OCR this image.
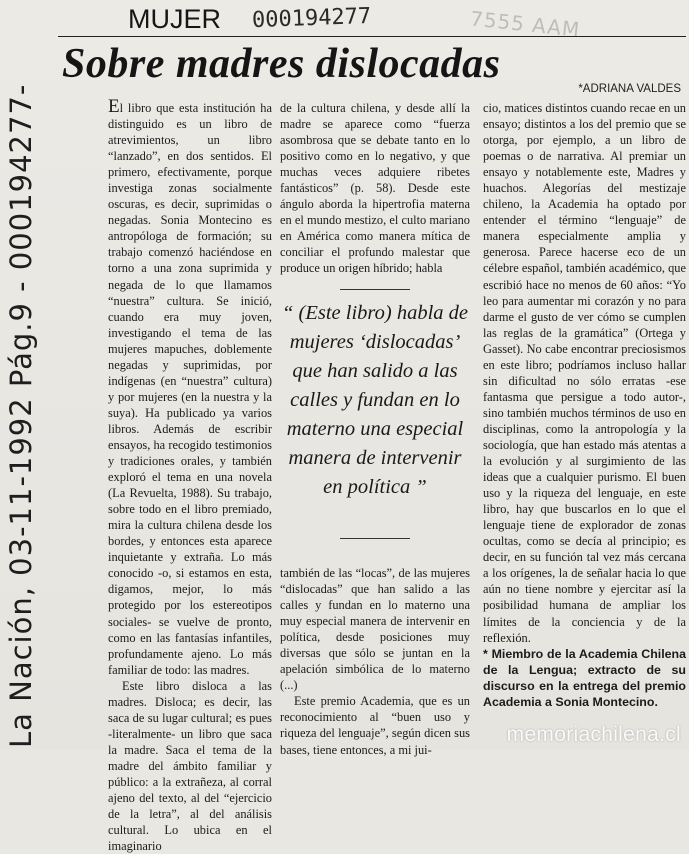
MUJER 000194277	7555 AAM
Sobre madres dislocadas
*ADRIANA VALDES
La Nación, 03-11-1992 Pág.9 - 000194277-	El libro que esta institución ha distinguido es un libro de atrevimientos, un libro “lanzado”, en dos sentidos. El primero, efectivamente, porque investiga zonas socialmente oscuras, es decir, suprimidas o negadas. Sonia Montecino es antropóloga de formación; su trabajo comenzó haciéndose en torno a una zona suprimida y negada de lo que llamamos “nuestra” cultura. Se inició, cuando era muy joven, investigando el tema de las mujeres mapuches, doblemente negadas y suprimidas, por indígenas (en “nuestra” cultura) y por mujeres (en la nuestra y la suya). Ha publicado ya varios libros. Además de escribir ensayos, ha recogido testimonios y tradiciones orales, y también exploró el tema en una novela (La Revuelta, 1988). Su trabajo, sobre todo en el libro premiado, mira la cultura chilena desde los bordes, y entonces esta aparece inquietante y extraña. Lo más conocido -o, si estamos en esta, digamos, mejor, lo más protegido por los estereotipos sociales- se vuelve de pronto, como en las fantasías infantiles, profundamente ajeno. Lo más familiar de todo: las madres.

Este libro disloca a las madres. Disloca; es decir, las saca de su lugar cultural; es pues -literalmente- un libro que saca la madre. Saca el tema de la madre del ámbito familiar y público: a la extrañeza, al corral ajeno del texto, al del “ejercicio de la letra”, al del análisis cultural. Lo ubica en el imaginario

de la cultura chilena, y desde allí la madre se aparece como “fuerza asombrosa que se debate tanto en lo positivo como en lo negativo, y que muchas veces adquiere ribetes fantásticos” (p. 58). Desde este ángulo aborda la hipertrofia materna en el mundo mestizo, el culto mariano en América como manera mítica de conciliar el profundo malestar que produce un origen híbrido; habla

“ (Este libro) habla de mujeres ‘dislocadas’ que han salido a las calles y fundan en lo materno una especial manera de intervenir en política ”

también de las “locas”, de las mujeres “dislocadas” que han salido a las calles y fundan en lo materno una muy especial manera de intervenir en política, desde posiciones muy diversas que sólo se juntan en la apelación simbólica de lo materno (...)

Este premio Academia, que es un reconocimiento al “buen uso y riqueza del lenguaje”, según dicen sus bases, tiene entonces, a mi jui-

cio, matices distintos cuando recae en un ensayo; distintos a los del premio que se otorga, por ejemplo, a un libro de poemas o de narrativa. Al premiar un ensayo y notablemente este, Madres y huachos. Alegorías del mestizaje chileno, la Academia ha optado por entender el término “lenguaje” de manera especialmente amplia y generosa. Parece hacerse eco de un célebre español, también académico, que escribió hace no menos de 60 años: “Yo leo para aumentar mi corazón y no para darme el gusto de ver cómo se cumplen las reglas de la gramática” (Ortega y Gasset). No cabe encontrar preciosismos en este libro; podríamos incluso hallar sin dificultad no sólo erratas -ese fantasma que persigue a todo autor-, sino también muchos términos de uso en disciplinas, como la antropología y la sociología, que han estado más atentas a la evolución y al surgimiento de las ideas que a cualquier purismo. El buen uso y la riqueza del lenguaje, en este libro, hay que buscarlos en lo que el lenguaje tiene de explorador de zonas ocultas, como se decía al principio; es decir, en su función tal vez más cercana a los orígenes, la de señalar hacia lo que aún no tiene nombre y ejercitar así la posibilidad humana de ampliar los límites de la conciencia y de la reflexión.

* Miembro de la Academia Chilena de la Lengua; extracto de su discurso en la entrega del premio Academia a Sonia Montecino.

memoriachilena.cl
